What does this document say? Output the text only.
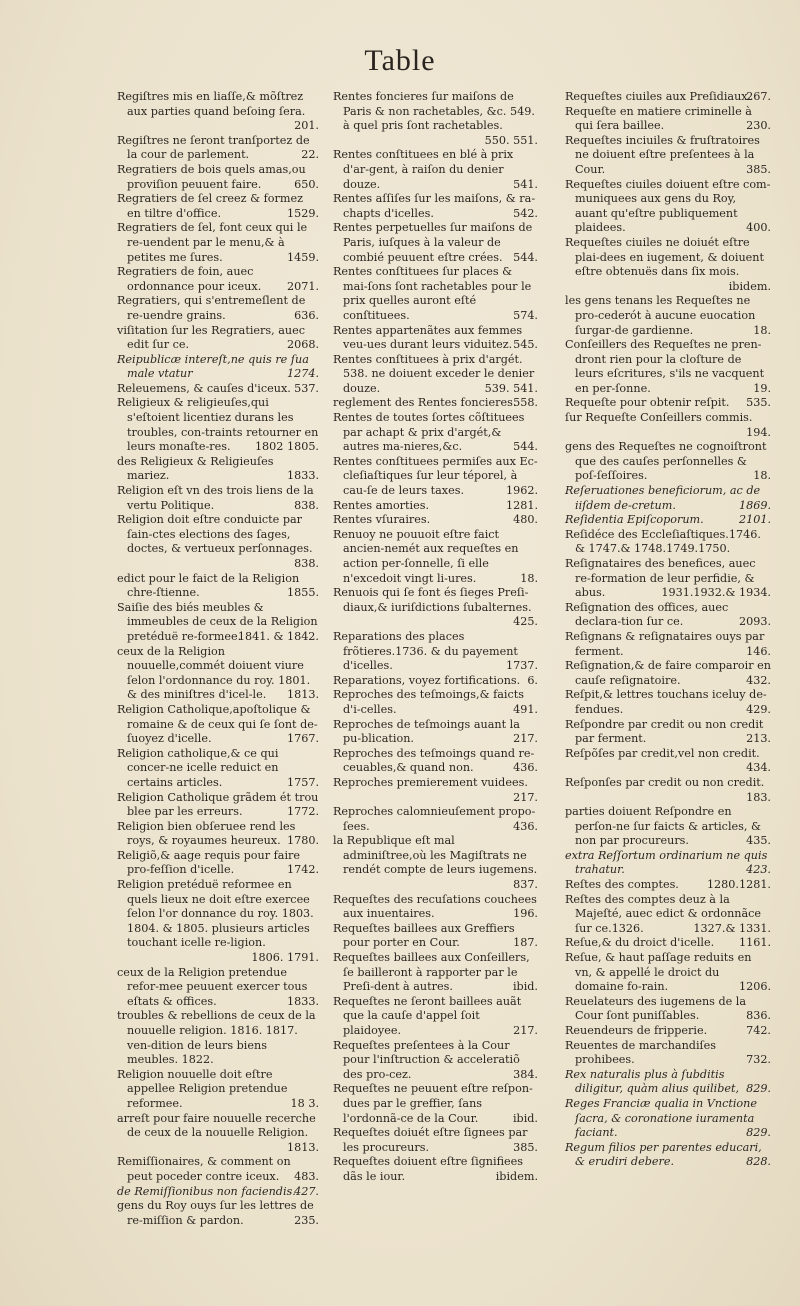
Table

Regiſtres mis en liaſſe,& mõſtrez aux parties quand beſoing ſera.
201.

Regiſtres ne ſeront tranſportez de la cour de parlement.	22.

Regratiers de bois quels amas,ou proviſion peuuent faire.	650.

Regratiers de ſel creez & formez en tiltre d'office.	1529.

Regratiers de ſel, font ceux qui le re-uendent par le menu,& à petites me ſures.	1459.

Regratiers de foin, auec ordonnance pour iceux. 2071.

Regratiers, qui s'entremeſlent de re-uendre grains.	636.

viſitation ſur les Regratiers, auec edit ſur ce.	2068.

Reipublicæ intereſt,ne quis re ſua male vtatur	1274.

Releuemens, & cauſes d'iceux. 537.

Religieux & religieuſes,qui s'eſtoient licentiez durans les troubles, con-traints retourner en leurs monaſte-res. 1802 1805.

des Religieux & Religieuſes mariez.	1833.

Religion eſt vn des trois liens de la vertu Politique.	838.

Religion doit eſtre conduicte par ſain-ctes elections des ſages, doctes, & vertueux perſonnages.
838.

edict pour le faict de la Religion chre-ſtienne.	1855.

Saiſie des biés meubles & immeubles de ceux de la Religion pretéduë re-formee.
1841. & 1842.

ceux de la Religion nouuelle,commét doiuent viure ſelon l'ordonnance du roy. 1801. & des miniſtres d'icel-le. 1813.

Religion Catholique,apoſtolique & romaine & de ceux qui ſe ſont de-ſuoyez d'icelle.	1767.

Religion catholique,& ce qui concer-ne icelle reduict en certains articles.	1757.

Religion Catholique grãdem ét trou blee par les erreurs.	1772.

Religion bien obſeruee rend les roys, & royaumes heureux. 1780.

Religiõ,& aage requis pour faire pro-feſſion d'icelle.	1742.

Religion pretéduë reformee en quels lieux ne doit eſtre exercee ſelon l'or donnance du roy. 1803. 1804. & 1805. plusieurs articles touchant icelle re-ligion.
1806. 1791.

ceux de la Religion pretendue refor-mee peuuent exercer tous eſtats & offices.	1833.

troubles & rebellions de ceux de la nouuelle religion. 1816. 1817. ven-dition de leurs biens meubles. 1822.

Religion nouuelle doit eſtre appellee Religion pretendue reformee.	18 3.

arreſt pour faire nouuelle recerche de ceux de la nouuelle Religion.
1813.

Remiſſionaires, & comment on peut poceder contre iceux. 483.

de Remiſſionibus non faciendis.
427.

gens du Roy ouys ſur les lettres de re-miſſion & pardon.	235.

Rentes foncieres ſur maiſons de Paris & non rachetables, &c. 549. à quel pris ſont rachetables.
550. 551.

Rentes conſtituees en blé à prix d'ar-gent, à raiſon du denier douze.	541.

Rentes aſſiſes ſur les maiſons, & ra-chapts d'icelles.	542.

Rentes perpetuelles ſur maiſons de Paris, iuſques à la valeur de combié peuuent eſtre crées. 544.

Rentes conſtituees ſur places & mai-ſons ſont rachetables pour le prix quelles auront eſté conſtituees.	574.

Rentes appartenãtes aux femmes veu-ues durant leurs viduitez. 545.

Rentes conſtituees à prix d'argét. 538. ne doiuent exceder le denier douze.	539. 541.

reglement des Rentes foncieres.
558.

Rentes de toutes ſortes cõſtituees par achapt & prix d'argét,& autres ma-nieres,&c.	544.

Rentes conſtituees permiſes aux Ec-cleſiaſtiques ſur leur téporel, à cau-ſe de leurs taxes.	1962.

Rentes amorties.	1281.

Rentes vſuraires.	480.

Renuoy ne pouuoit eſtre faict ancien-nemét aux requeſtes en action per-ſonnelle, ſi elle n'excedoit vingt li-ures.	18.

Renuois qui ſe font és ſieges Preſi-diaux,& iuriſdictions ſubalternes.
425.

Reparations des places frõtieres.1736. & du payement d'icelles.	1737.

Reparations, voyez fortifications. 6.

Reproches des teſmoings,& faicts d'i-celles.	491.

Reproches de teſmoings auant la pu-blication.	217.

Reproches des teſmoings quand re-ceuables,& quand non.	436.

Reproches premierement vuidees.
217.

Reproches calomnieuſement propo-ſees.	436.

la Republique eſt mal adminiſtree,où les Magiſtrats ne rendét compte de leurs iugemens.
837.

Requeſtes des recuſations couchees aux inuentaires.	196.

Requeſtes baillees aux Greffiers pour porter en Cour.	187.

Requeſtes baillees aux Conſeillers, ſe bailleront à rapporter par le Preſi-dent à autres.	ibid.

Requeſtes ne ſeront baillees auãt que la cauſe d'appel ſoit plaidoyee.	217.

Requeſtes preſentees à la Cour pour l'inſtruction & acceleratiõ des pro-cez.	384.

Requeſtes ne peuuent eſtre reſpon-dues par le greffier, ſans l'ordonnã-ce de la Cour.	ibid.

Requeſtes doiuét eſtre ſignees par les procureurs.	385.

Requeſtes doiuent eſtre ſignifiees dãs le iour.	ibidem.

Requeſtes ciuiles aux Preſidiaux.
267.

Requeſte en matiere criminelle à qui ſera baillee.	230.

Requeſtes inciuiles & fruſtratoires ne doiuent eſtre preſentees à la Cour.	385.

Requeſtes ciuiles doiuent eſtre com-muniquees aux gens du Roy, auant qu'eſtre publiquement plaidees.	400.

Requeſtes ciuiles ne doiuét eſtre plai-dees en iugement, & doiuent eſtre obtenuës dans ſix mois.
ibidem.

les gens tenans les Requeſtes ne pro-cederót à aucune euocation ſurgar-de gardienne.	18.

Conſeillers des Requeſtes ne pren-dront rien pour la cloſture de leurs eſcritures, s'ils ne vacquent en per-ſonne.	19.

Requeſte pour obtenir reſpit. 535.

ſur Requeſte Conſeillers commis.
194.

gens des Requeſtes ne cognoiſtront que des cauſes perſonnelles & poſ-ſeſſoires.	18.

Reſeruationes beneficiorum, ac de iiſdem de-cretum.	1869.

Reſidentia Epiſcoporum.	2101.

Reſidéce des Eccleſiaſtiques.1746. & 1747.& 1748.1749.1750.

Reſignataires des benefices, auec re-formation de leur perfidie, & abus.	1931.1932.& 1934.

Reſignation des offices, auec declara-tion ſur ce.	2093.

Reſignans & reſignataires ouys par ferment.	146.

Reſignation,& de faire comparoir en cauſe reſignatoire.	432.

Reſpit,& lettres touchans iceluy de-fendues.	429.

Reſpondre par credit ou non credit par ferment.	213.

Reſpõſes par credit,vel non credit.
434.

Reſponſes par credit ou non credit.
183.

parties doiuent Reſpondre en perſon-ne ſur faicts & articles, & non par procureurs.	435.

extra Reſſortum ordinarium ne quis trahatur.	423.

Reſtes des comptes.	1280.1281.

Reſtes des comptes deuz à la Majeſté, auec edict & ordonnãce ſur ce.1326.	1327.& 1331.

Reſue,& du droict d'icelle. 1161.

Reſue, & haut paſſage reduits en vn, & appellé le droict du domaine fo-rain.	1206.

Reuelateurs des iugemens de la Cour ſont puniſſables.	836.

Reuendeurs de fripperie.	742.

Reuentes de marchandiſes prohibees.	732.

Rex naturalis plus à ſubditis diligitur, quàm alius quilibet, 829.

Reges Franciæ qualia in Vnctione ſacra, & coronatione iuramenta faciant.	829.

Regum filios per parentes educari, & erudiri debere.	828.
